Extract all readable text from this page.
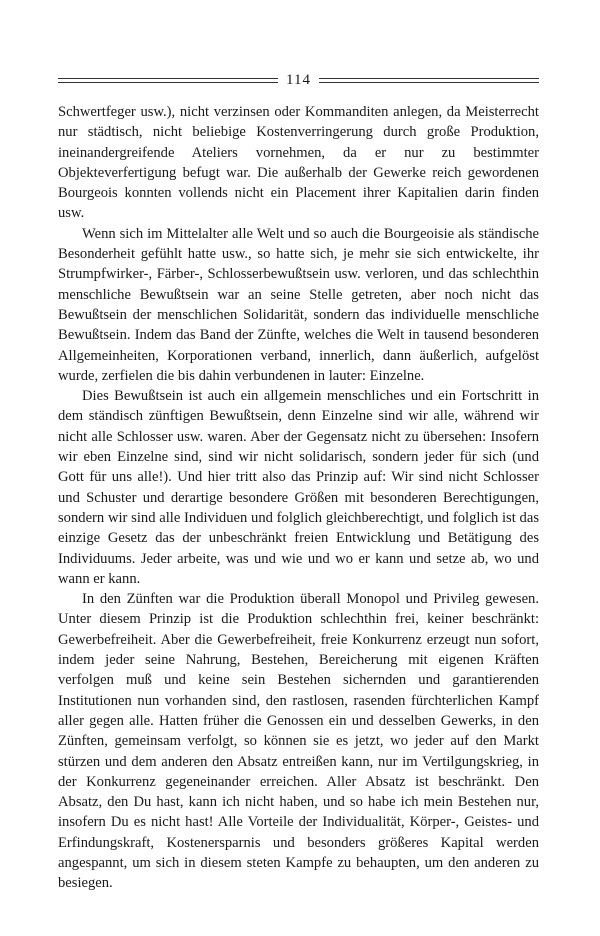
114

Schwertfeger usw.), nicht verzinsen oder Kommanditen anlegen, da Meisterrecht nur städtisch, nicht beliebige Kostenverringerung durch große Produktion, ineinandergreifende Ateliers vornehmen, da er nur zu bestimmter Objekteverfertigung befugt war. Die außerhalb der Gewerke reich gewordenen Bourgeois konnten vollends nicht ein Placement ihrer Kapitalien darin finden usw.

Wenn sich im Mittelalter alle Welt und so auch die Bourgeoisie als ständische Besonderheit gefühlt hatte usw., so hatte sich, je mehr sie sich entwickelte, ihr Strumpfwirker-, Färber-, Schlosserbewußtsein usw. verloren, und das schlechthin menschliche Bewußtsein war an seine Stelle getreten, aber noch nicht das Bewußtsein der menschlichen Solidarität, sondern das individuelle menschliche Bewußtsein. Indem das Band der Zünfte, welches die Welt in tausend besonderen Allgemeinheiten, Korporationen verband, innerlich, dann äußerlich, aufgelöst wurde, zerfielen die bis dahin verbundenen in lauter: Einzelne.

Dies Bewußtsein ist auch ein allgemein menschliches und ein Fortschritt in dem ständisch zünftigen Bewußtsein, denn Einzelne sind wir alle, während wir nicht alle Schlosser usw. waren. Aber der Gegensatz nicht zu übersehen: Insofern wir eben Einzelne sind, sind wir nicht solidarisch, sondern jeder für sich (und Gott für uns alle!). Und hier tritt also das Prinzip auf: Wir sind nicht Schlosser und Schuster und derartige besondere Größen mit besonderen Berechtigungen, sondern wir sind alle Individuen und folglich gleichberechtigt, und folglich ist das einzige Gesetz das der unbeschränkt freien Entwicklung und Betätigung des Individuums. Jeder arbeite, was und wie und wo er kann und setze ab, wo und wann er kann.

In den Zünften war die Produktion überall Monopol und Privileg gewesen. Unter diesem Prinzip ist die Produktion schlechthin frei, keiner beschränkt: Gewerbefreiheit. Aber die Gewerbefreiheit, freie Konkurrenz erzeugt nun sofort, indem jeder seine Nahrung, Bestehen, Bereicherung mit eigenen Kräften verfolgen muß und keine sein Bestehen sichernden und garantierenden Institutionen nun vorhanden sind, den rastlosen, rasenden fürchterlichen Kampf aller gegen alle. Hatten früher die Genossen ein und desselben Gewerks, in den Zünften, gemeinsam verfolgt, so können sie es jetzt, wo jeder auf den Markt stürzen und dem anderen den Absatz entreißen kann, nur im Vertilgungskrieg, in der Konkurrenz gegeneinander erreichen. Aller Absatz ist beschränkt. Den Absatz, den Du hast, kann ich nicht haben, und so habe ich mein Bestehen nur, insofern Du es nicht hast! Alle Vorteile der Individualität, Körper-, Geistes- und Erfindungskraft, Kostenersparnis und besonders größeres Kapital werden angespannt, um sich in diesem steten Kampfe zu behaupten, um den anderen zu besiegen.
